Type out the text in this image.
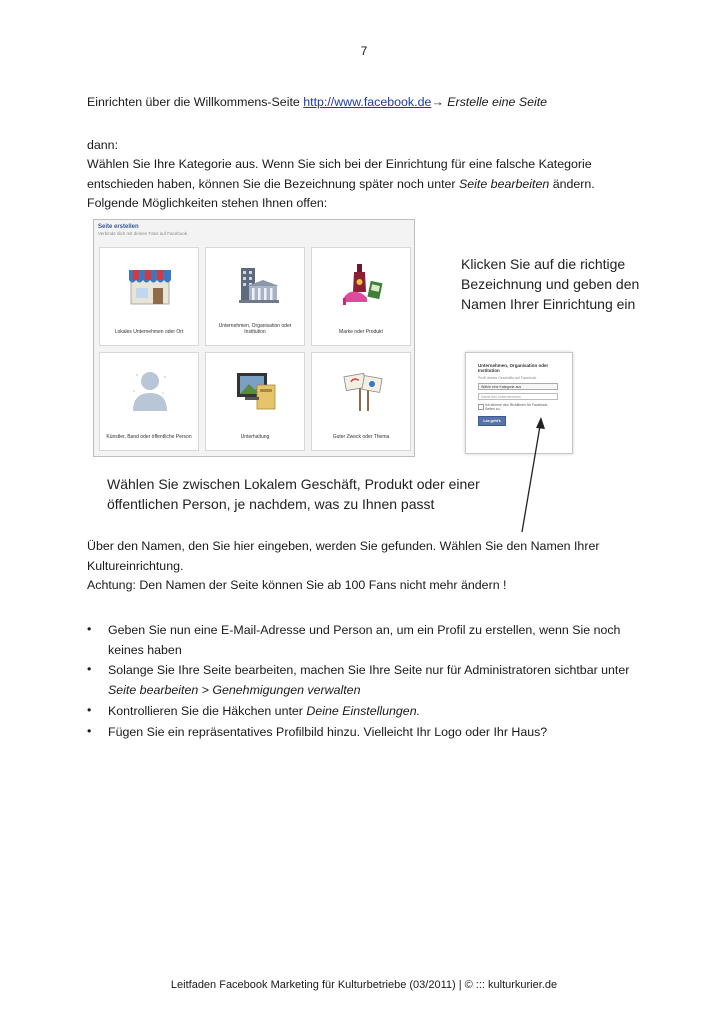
7
Einrichten über die Willkommens-Seite http://www.facebook.de→ Erstelle eine Seite
dann:
Wählen Sie Ihre Kategorie aus. Wenn Sie sich bei der Einrichtung für eine falsche Kategorie
entschieden haben, können Sie die Bezeichnung später noch unter Seite bearbeiten ändern.
Folgende Möglichkeiten stehen Ihnen offen:
Seite erstellen
Verbinde dich mit deinen Fans auf Facebook.
Lokales Unternehmen oder Ort
Unternehmen, Organisation oder Institution	Marke oder Produkt
Künstler, Band oder öffentliche Person	Unterhaltung	Guter Zweck oder Thema
Klicken Sie auf die richtige
Bezeichnung und geben den
Namen Ihrer Einrichtung ein
Unternehmen, Organisation oder Institution
Profil deines Geschäfts auf Facebook.
Wähle eine Kategorie aus
Name des Unternehmens
Ich stimme den Richtlinien für Facebook-Seiten zu.
Los geht's
Wählen Sie zwischen Lokalem Geschäft, Produkt oder einer
öffentlichen Person, je nachdem, was zu Ihnen passt
Über den Namen, den Sie hier eingeben, werden Sie gefunden. Wählen Sie den Namen Ihrer
Kultureinrichtung.
Achtung: Den Namen der Seite können Sie ab 100 Fans nicht mehr ändern !
• Geben Sie nun eine E-Mail-Adresse und Person an, um ein Profil zu erstellen, wenn Sie noch
keines haben
• Solange Sie Ihre Seite bearbeiten, machen Sie Ihre Seite nur für Administratoren sichtbar unter
Seite bearbeiten > Genehmigungen verwalten
• Kontrollieren Sie die Häkchen unter Deine Einstellungen.
• Fügen Sie ein repräsentatives Profilbild hinzu. Vielleicht Ihr Logo oder Ihr Haus?
Leitfaden Facebook Marketing für Kulturbetriebe (03/2011) | © ::: kulturkurier.de
